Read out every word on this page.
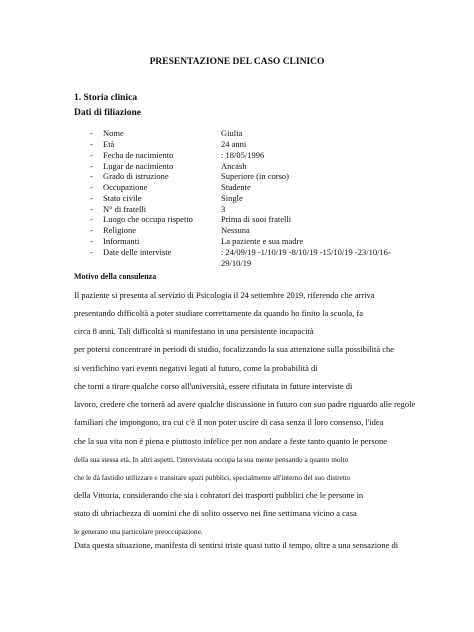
PRESENTAZIONE DEL CASO CLINICO
1. Storia clinica
Dati di filiazione
- Nome	Giulia
- Età	24 anni
- Fecha de nacimiento	: 18/05/1996
- Lugar de nacimiento	Ancash
- Grado di istruzione	Superiore (in corso)
- Occupazione	Studente
- Stato civile	Single
- N° di fratelli	3
- Luogo che occupa rispetto	Prima di suoi fratelli
- Religione	Nessuna
- Informanti	La paziente e sua madre
- Date delle interviste	: 24/09/19 -1/10/19 -8/10/19 -15/10/19 -23/10/16-
29/10/19
Motivo della consulenza
Il paziente si presenta al servizio di Psicologia il 24 settembre 2019, riferendo che arriva
presentando difficoltà a poter studiare correttamente da quando ho finito la scuola, fa
circa 8 anni. Tali difficoltà si manifestano in una persistente incapacità
per potersi concentrare in periodi di studio, focalizzando la sua attenzione sulla possibilità che
si verifichino vari eventi negativi legati al futuro, come la probabilità di
che torni a tirare qualche corso all'università, essere rifiutata in future interviste di
lavoro, credere che tornerà ad avere qualche discussione in futuro con suo padre riguardo alle regole
familiari che impongono, tra cui c'è il non poter uscire di casa senza il loro consenso, l'idea
che la sua vita non è piena e piuttosto infelice per non andare a feste tanto quanto le persone
della sua stessa età. In altri aspetti, l'intervistata occupa la sua mente pensando a quanto molto
che le dà fastidio utilizzare e transitare spazi pubblici, specialmente all'interno del suo distretto
della Vittoria, considerando che sia i cobratori dei trasporti pubblici che le persone in
stato di ubriachezza di uomini che di solito osservo nei fine settimana vicino a casa
le generano una particolare preoccupazione.
Data questa situazione, manifesta di sentirsi triste quasi tutto il tempo, oltre a una sensazione di
